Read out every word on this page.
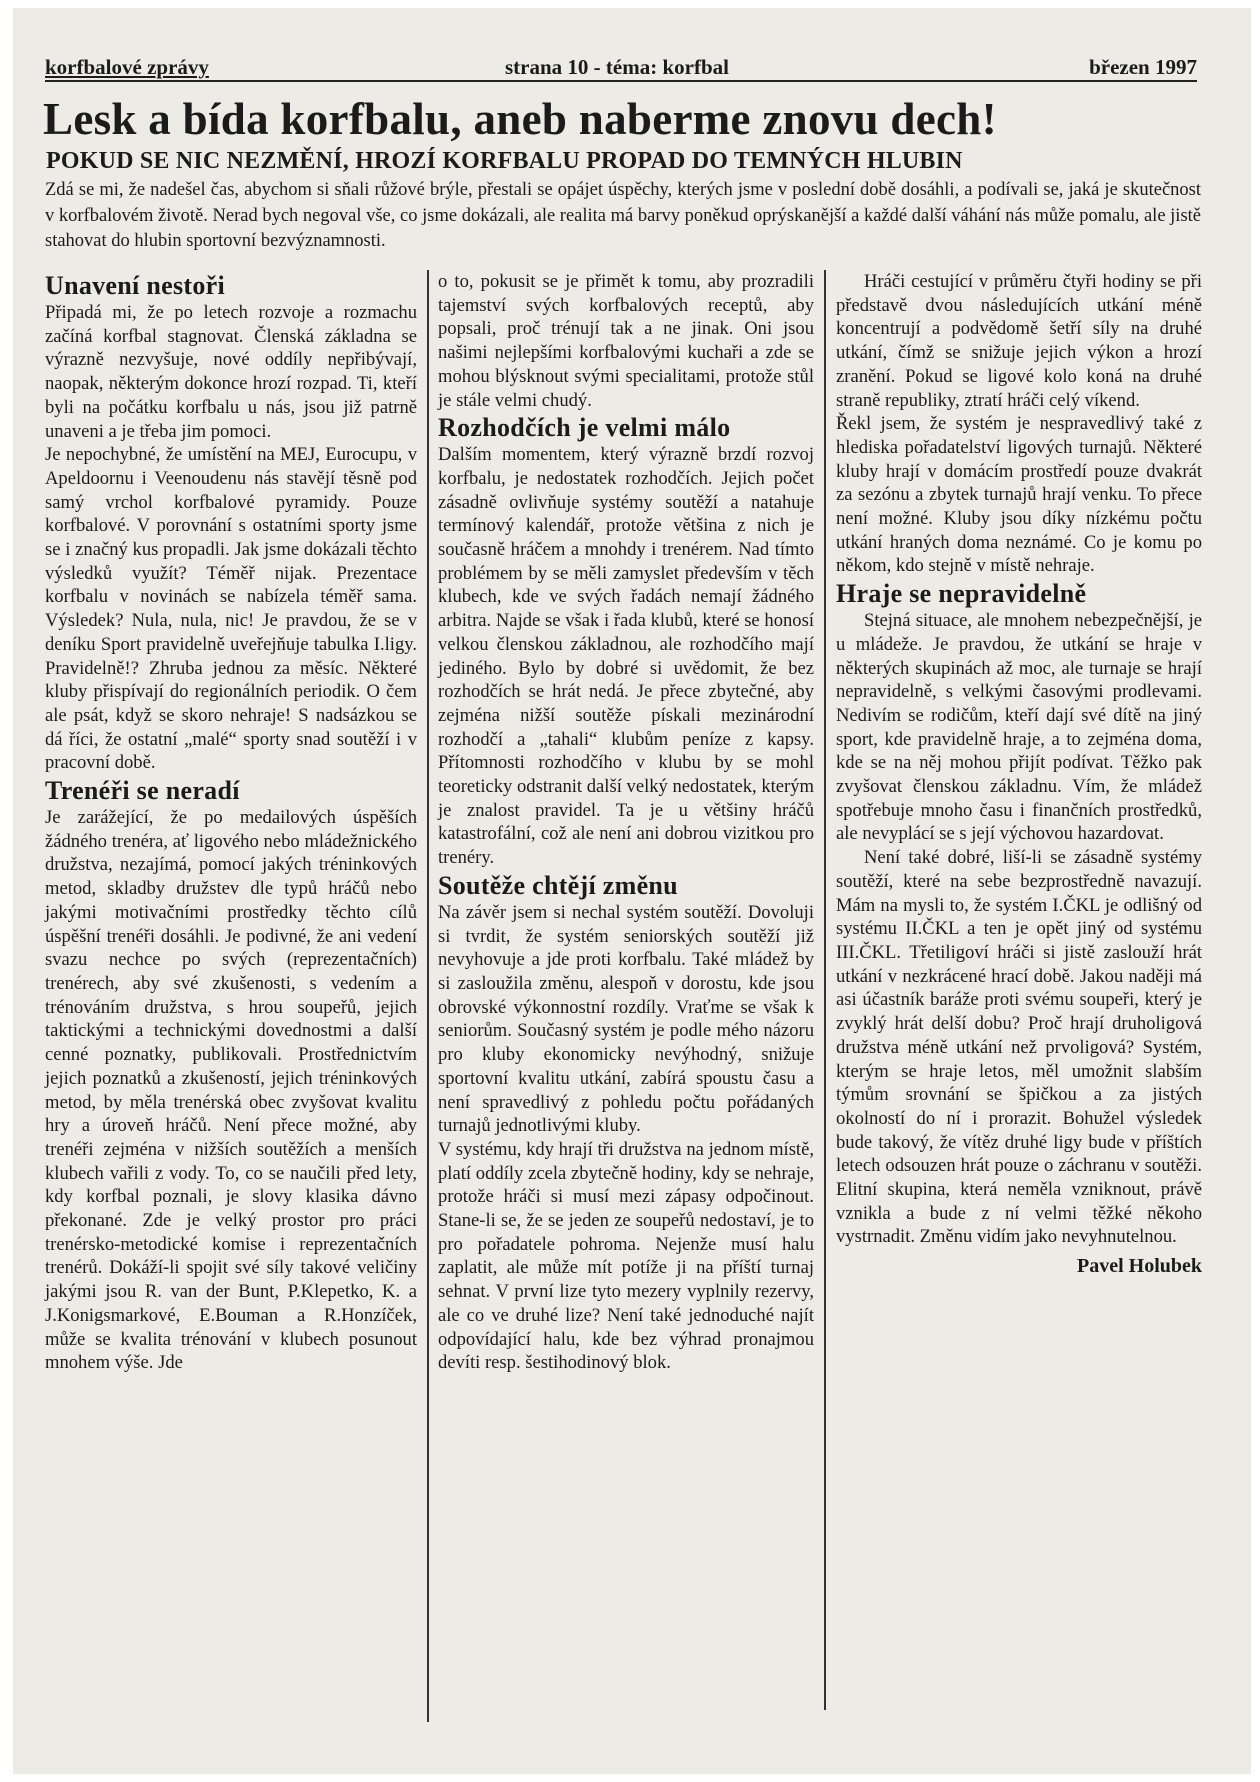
korfbalové zprávy	strana 10 - téma: korfbal	březen 1997
Lesk a bída korfbalu, aneb naberme znovu dech!
POKUD SE NIC NEZMĚNÍ, HROZÍ KORFBALU PROPAD DO TEMNÝCH HLUBIN

Zdá se mi, že nadešel čas, abychom si sňali růžové brýle, přestali se opájet úspěchy, kterých jsme v poslední době dosáhli, a podívali se, jaká je skutečnost v korfbalovém životě. Nerad bych negoval vše, co jsme dokázali, ale realita má barvy poněkud oprýskanější a každé další váhání nás může pomalu, ale jistě stahovat do hlubin sportovní bezvýznamnosti.

Unavení nestoři

Připadá mi, že po letech rozvoje a rozmachu začíná korfbal stagnovat. Členská základna se výrazně nezvyšuje, nové oddíly nepřibývají, naopak, některým dokonce hrozí rozpad. Ti, kteří byli na počátku korfbalu u nás, jsou již patrně unaveni a je třeba jim pomoci.

Je nepochybné, že umístění na MEJ, Eurocupu, v Apeldoornu i Veenoudenu nás stavějí těsně pod samý vrchol korfbalové pyramidy. Pouze korfbalové. V porovnání s ostatními sporty jsme se i značný kus propadli. Jak jsme dokázali těchto výsledků využít? Téměř nijak. Prezentace korfbalu v novinách se nabízela téměř sama. Výsledek? Nula, nula, nic! Je pravdou, že se v deníku Sport pravidelně uveřejňuje tabulka I.ligy. Pravidelně!? Zhruba jednou za měsíc. Některé kluby přispívají do regionálních periodik. O čem ale psát, když se skoro nehraje! S nadsázkou se dá říci, že ostatní „malé“ sporty snad soutěží i v pracovní době.

Trenéři se neradí

Je zarážející, že po medailových úspěších žádného trenéra, ať ligového nebo mládežnického družstva, nezajímá, pomocí jakých tréninkových metod, skladby družstev dle typů hráčů nebo jakými motivačními prostředky těchto cílů úspěšní trenéři dosáhli. Je podivné, že ani vedení svazu nechce po svých (reprezentačních) trenérech, aby své zkušenosti, s vedením a trénováním družstva, s hrou soupeřů, jejich taktickými a technickými dovednostmi a další cenné poznatky, publikovali. Prostřednictvím jejich poznatků a zkušeností, jejich tréninkových metod, by měla trenérská obec zvyšovat kvalitu hry a úroveň hráčů. Není přece možné, aby trenéři zejména v nižších soutěžích a menších klubech vařili z vody. To, co se naučili před lety, kdy korfbal poznali, je slovy klasika dávno překonané. Zde je velký prostor pro práci trenérsko-metodické komise i reprezentačních trenérů. Dokáží-li spojit své síly takové veličiny jakými jsou R. van der Bunt, P.Klepetko, K. a J.Konigsmarkové, E.Bouman a R.Honzíček, může se kvalita trénování v klubech posunout mnohem výše. Jde

o to, pokusit se je přimět k tomu, aby prozradili tajemství svých korfbalových receptů, aby popsali, proč trénují tak a ne jinak. Oni jsou našimi nejlepšími korfbalovými kuchaři a zde se mohou blýsknout svými specialitami, protože stůl je stále velmi chudý.

Rozhodčích je velmi málo

Dalším momentem, který výrazně brzdí rozvoj korfbalu, je nedostatek rozhodčích. Jejich počet zásadně ovlivňuje systémy soutěží a natahuje termínový kalendář, protože většina z nich je současně hráčem a mnohdy i trenérem. Nad tímto problémem by se měli zamyslet především v těch klubech, kde ve svých řadách nemají žádného arbitra. Najde se však i řada klubů, které se honosí velkou členskou základnou, ale rozhodčího mají jediného. Bylo by dobré si uvědomit, že bez rozhodčích se hrát nedá. Je přece zbytečné, aby zejména nižší soutěže pískali mezinárodní rozhodčí a „tahali“ klubům peníze z kapsy. Přítomnosti rozhodčího v klubu by se mohl teoreticky odstranit další velký nedostatek, kterým je znalost pravidel. Ta je u většiny hráčů katastrofální, což ale není ani dobrou vizitkou pro trenéry.

Soutěže chtějí změnu

Na závěr jsem si nechal systém soutěží. Dovoluji si tvrdit, že systém seniorských soutěží již nevyhovuje a jde proti korfbalu. Také mládež by si zasloužila změnu, alespoň v dorostu, kde jsou obrovské výkonnostní rozdíly. Vraťme se však k seniorům. Současný systém je podle mého názoru pro kluby ekonomicky nevýhodný, snižuje sportovní kvalitu utkání, zabírá spoustu času a není spravedlivý z pohledu počtu pořádaných turnajů jednotlivými kluby.

V systému, kdy hrají tři družstva na jednom místě, platí oddíly zcela zbytečně hodiny, kdy se nehraje, protože hráči si musí mezi zápasy odpočinout. Stane-li se, že se jeden ze soupeřů nedostaví, je to pro pořadatele pohroma. Nejenže musí halu zaplatit, ale může mít potíže ji na příští turnaj sehnat. V první lize tyto mezery vyplnily rezervy, ale co ve druhé lize? Není také jednoduché najít odpovídající halu, kde bez výhrad pronajmou devíti resp. šestihodinový blok.

Hráči cestující v průměru čtyři hodiny se při představě dvou následujících utkání méně koncentrují a podvědomě šetří síly na druhé utkání, čímž se snižuje jejich výkon a hrozí zranění. Pokud se ligové kolo koná na druhé straně republiky, ztratí hráči celý víkend.

Řekl jsem, že systém je nespravedlivý také z hlediska pořadatelství ligových turnajů. Některé kluby hrají v domácím prostředí pouze dvakrát za sezónu a zbytek turnajů hrají venku. To přece není možné. Kluby jsou díky nízkému počtu utkání hraných doma neznámé. Co je komu po někom, kdo stejně v místě nehraje.

Hraje se nepravidelně

Stejná situace, ale mnohem nebezpečnější, je u mládeže. Je pravdou, že utkání se hraje v některých skupinách až moc, ale turnaje se hrají nepravidelně, s velkými časovými prodlevami. Nedivím se rodičům, kteří dají své dítě na jiný sport, kde pravidelně hraje, a to zejména doma, kde se na něj mohou přijít podívat. Těžko pak zvyšovat členskou základnu. Vím, že mládež spotřebuje mnoho času i finančních prostředků, ale nevyplácí se s její výchovou hazardovat.

Není také dobré, liší-li se zásadně systémy soutěží, které na sebe bezprostředně navazují. Mám na mysli to, že systém I.ČKL je odlišný od systému II.ČKL a ten je opět jiný od systému III.ČKL. Třetiligoví hráči si jistě zaslouží hrát utkání v nezkrácené hrací době. Jakou naději má asi účastník baráže proti svému soupeři, který je zvyklý hrát delší dobu? Proč hrají druholigová družstva méně utkání než prvoligová? Systém, kterým se hraje letos, měl umožnit slabším týmům srovnání se špičkou a za jistých okolností do ní i prorazit. Bohužel výsledek bude takový, že vítěz druhé ligy bude v příštích letech odsouzen hrát pouze o záchranu v soutěži. Elitní skupina, která neměla vzniknout, právě vznikla a bude z ní velmi těžké někoho vystrnadit. Změnu vidím jako nevyhnutelnou.

Pavel Holubek
